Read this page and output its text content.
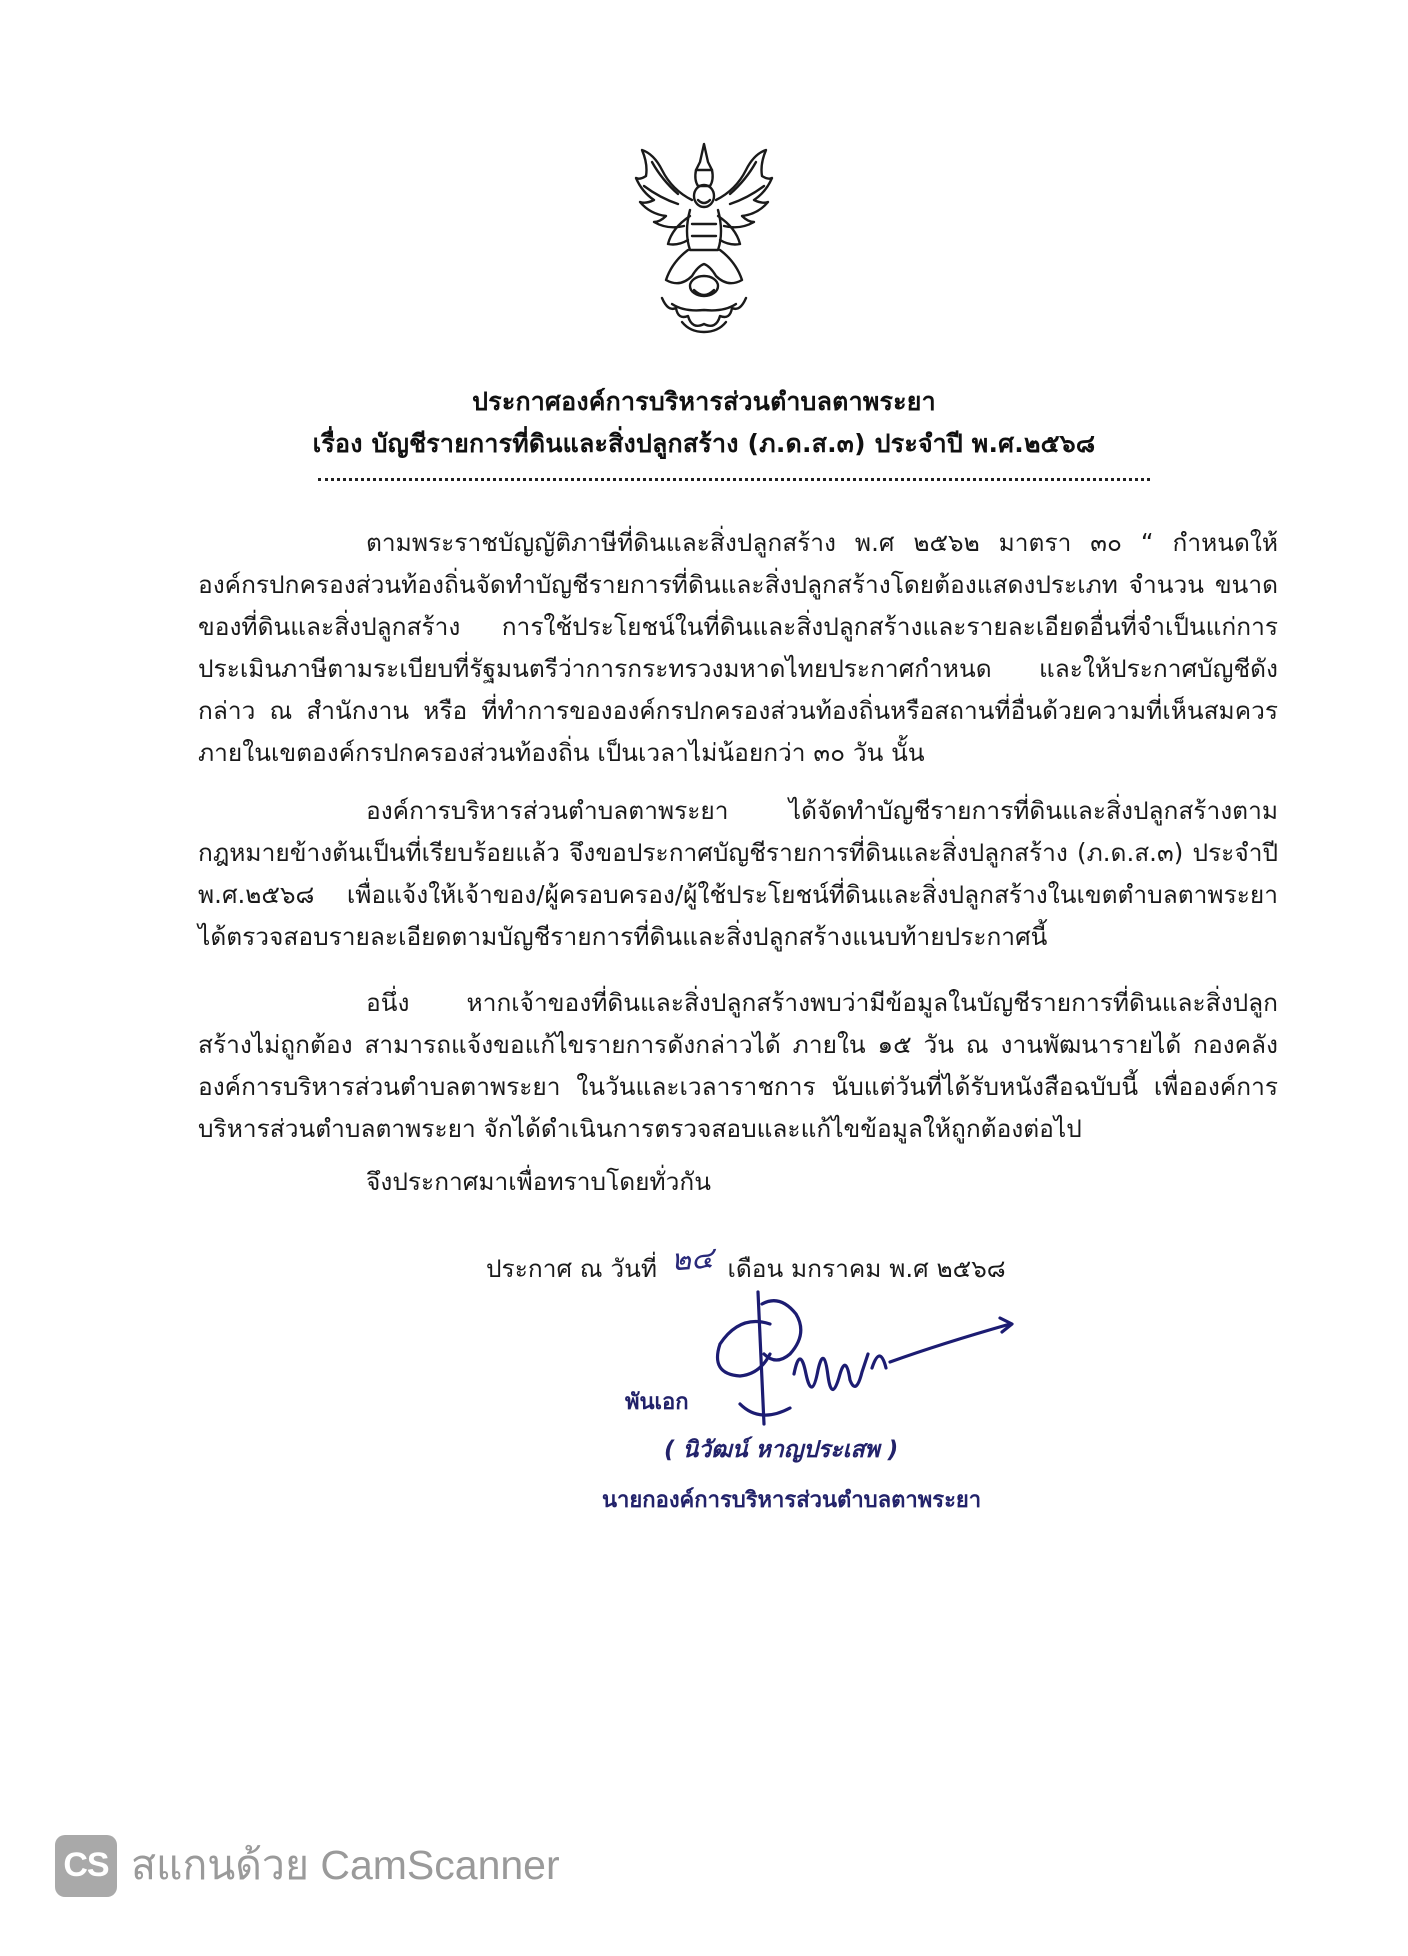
ประกาศองค์การบริหารส่วนตำบลตาพระยา
เรื่อง บัญชีรายการที่ดินและสิ่งปลูกสร้าง (ภ.ด.ส.๓) ประจำปี พ.ศ.๒๕๖๘
ตามพระราชบัญญัติภาษีที่ดินและสิ่งปลูกสร้าง พ.ศ ๒๕๖๒ มาตรา ๓๐ “ กำหนดให้องค์กรปกครองส่วนท้องถิ่นจัดทำบัญชีรายการที่ดินและสิ่งปลูกสร้างโดยต้องแสดงประเภท จำนวน ขนาดของที่ดินและสิ่งปลูกสร้าง การใช้ประโยชน์ในที่ดินและสิ่งปลูกสร้างและรายละเอียดอื่นที่จำเป็นแก่การประเมินภาษีตามระเบียบที่รัฐมนตรีว่าการกระทรวงมหาดไทยประกาศกำหนด และให้ประกาศบัญชีดังกล่าว ณ สำนักงาน หรือ ที่ทำการขององค์กรปกครองส่วนท้องถิ่นหรือสถานที่อื่นด้วยความที่เห็นสมควร ภายในเขตองค์กรปกครองส่วนท้องถิ่น เป็นเวลาไม่น้อยกว่า ๓๐ วัน นั้น
องค์การบริหารส่วนตำบลตาพระยา ได้จัดทำบัญชีรายการที่ดินและสิ่งปลูกสร้างตามกฎหมายข้างต้นเป็นที่เรียบร้อยแล้ว จึงขอประกาศบัญชีรายการที่ดินและสิ่งปลูกสร้าง (ภ.ด.ส.๓) ประจำปี พ.ศ.๒๕๖๘ เพื่อแจ้งให้เจ้าของ/ผู้ครอบครอง/ผู้ใช้ประโยชน์ที่ดินและสิ่งปลูกสร้างในเขตตำบลตาพระยา ได้ตรวจสอบรายละเอียดตามบัญชีรายการที่ดินและสิ่งปลูกสร้างแนบท้ายประกาศนี้
อนึ่ง หากเจ้าของที่ดินและสิ่งปลูกสร้างพบว่ามีข้อมูลในบัญชีรายการที่ดินและสิ่งปลูกสร้างไม่ถูกต้อง สามารถแจ้งขอแก้ไขรายการดังกล่าวได้ ภายใน ๑๕ วัน ณ งานพัฒนารายได้ กองคลัง องค์การบริหารส่วนตำบลตาพระยา ในวันและเวลาราชการ นับแต่วันที่ได้รับหนังสือฉบับนี้ เพื่อองค์การบริหารส่วนตำบลตาพระยา จักได้ดำเนินการตรวจสอบและแก้ไขข้อมูลให้ถูกต้องต่อไป
จึงประกาศมาเพื่อทราบโดยทั่วกัน
ประกาศ ณ วันที่ ๒๔ เดือน มกราคม พ.ศ ๒๕๖๘
พันเอก
( นิวัฒน์ หาญประเสพ )
นายกองค์การบริหารส่วนตำบลตาพระยา
CS สแกนด้วย CamScanner
